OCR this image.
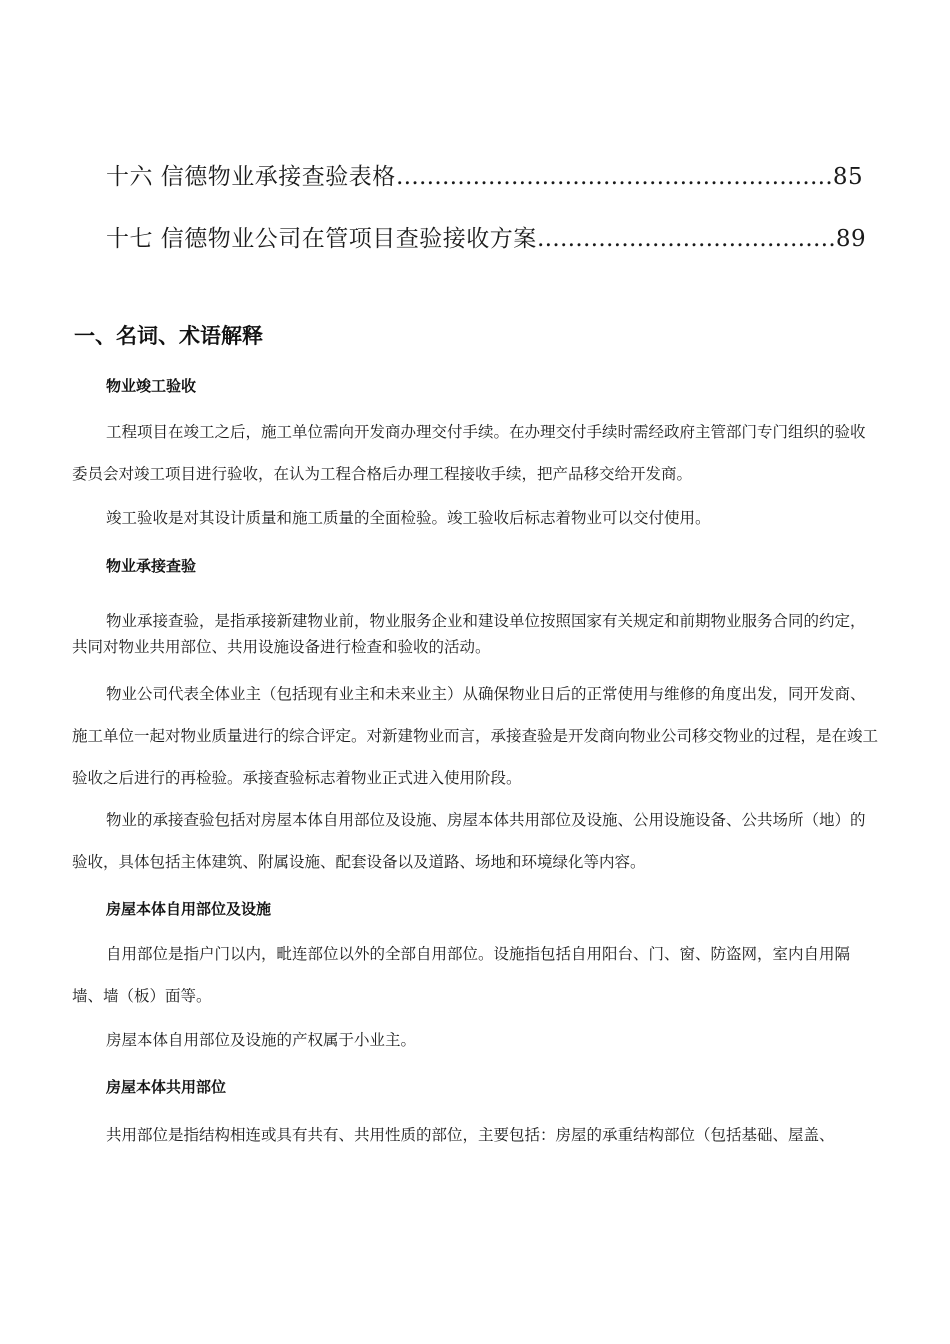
十六 信德物业承接查验表格…………………………………………………85
十七 信德物业公司在管项目查验接收方案…………………………………89
一、名词、术语解释
物业竣工验收
工程项目在竣工之后，施工单位需向开发商办理交付手续。在办理交付手续时需经政府主管部门专门组织的验收委员会对竣工项目进行验收，在认为工程合格后办理工程接收手续，把产品移交给开发商。
竣工验收是对其设计质量和施工质量的全面检验。竣工验收后标志着物业可以交付使用。
物业承接查验
物业承接查验，是指承接新建物业前，物业服务企业和建设单位按照国家有关规定和前期物业服务合同的约定，共同对物业共用部位、共用设施设备进行检查和验收的活动。
物业公司代表全体业主（包括现有业主和未来业主）从确保物业日后的正常使用与维修的角度出发，同开发商、施工单位一起对物业质量进行的综合评定。对新建物业而言，承接查验是开发商向物业公司移交物业的过程，是在竣工验收之后进行的再检验。承接查验标志着物业正式进入使用阶段。
物业的承接查验包括对房屋本体自用部位及设施、房屋本体共用部位及设施、公用设施设备、公共场所（地）的验收，具体包括主体建筑、附属设施、配套设备以及道路、场地和环境绿化等内容。
房屋本体自用部位及设施
自用部位是指户门以内，毗连部位以外的全部自用部位。设施指包括自用阳台、门、窗、防盗网，室内自用隔墙、墙（板）面等。
房屋本体自用部位及设施的产权属于小业主。
房屋本体共用部位
共用部位是指结构相连或具有共有、共用性质的部位，主要包括：房屋的承重结构部位（包括基础、屋盖、
